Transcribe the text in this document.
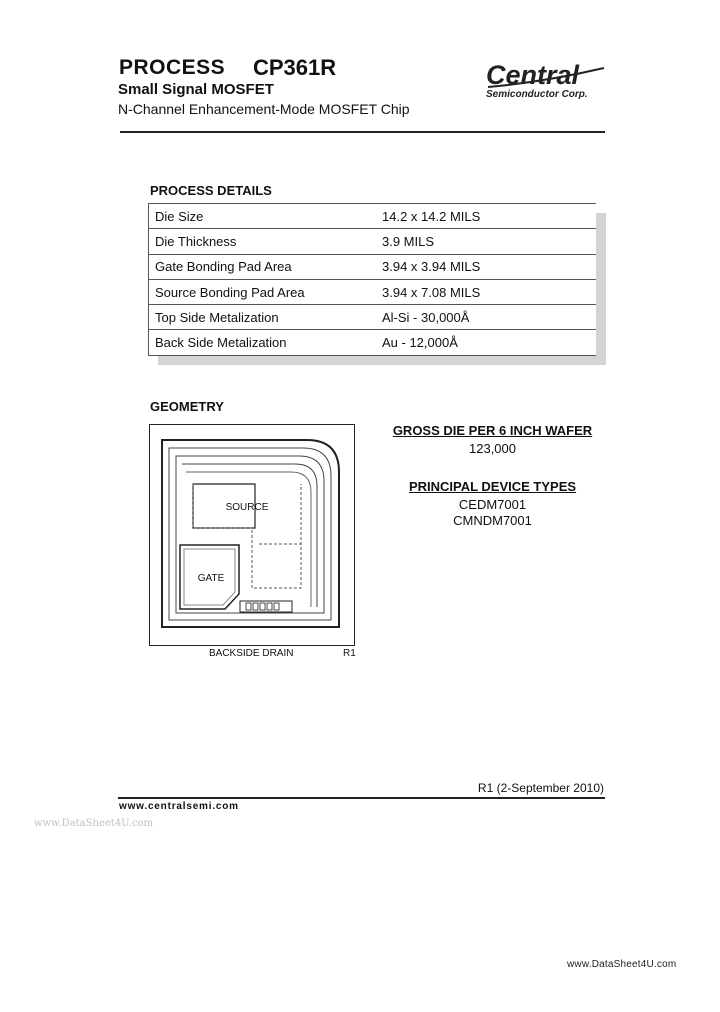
PROCESS CP361R
Small Signal MOSFET
N-Channel Enhancement-Mode MOSFET Chip
Central
Semiconductor Corp.
PROCESS DETAILS
Die Size	14.2 x 14.2 MILS
Die Thickness	3.9 MILS
Gate Bonding Pad Area	3.94 x 3.94 MILS
Source Bonding Pad Area	3.94 x 7.08 MILS
Top Side Metalization	Al-Si - 30,000Å
Back Side Metalization	Au - 12,000Å
GEOMETRY
SOURCE
GATE
BACKSIDE DRAIN	R1
GROSS DIE PER 6 INCH WAFER
123,000
PRINCIPAL DEVICE TYPES
CEDM7001
CMNDM7001
R1 (2-September 2010)
www.centralsemi.com
www.DataSheet4U.com
www.DataSheet4U.com
